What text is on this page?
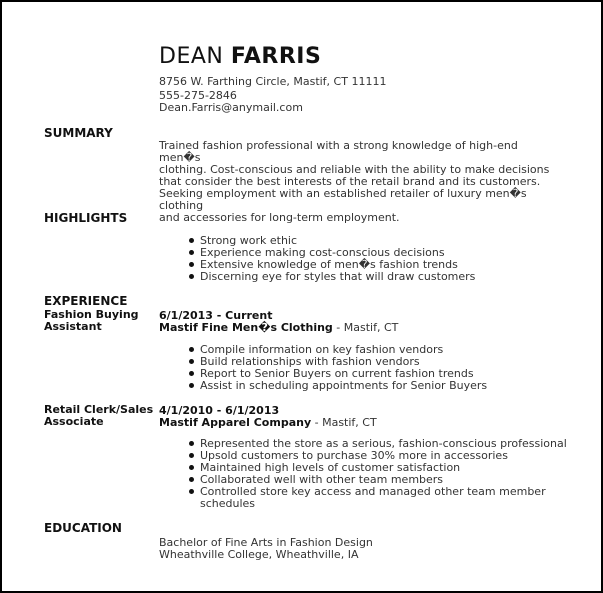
DEAN FARRIS
8756 W. Farthing Circle, Mastif, CT 11111
555-275-2846
Dean.Farris@anymail.com
SUMMARY
Trained fashion professional with a strong knowledge of high-end men�s
clothing. Cost-conscious and reliable with the ability to make decisions
that consider the best interests of the retail brand and its customers.
Seeking employment with an established retailer of luxury men�s clothing
and accessories for long-term employment.
HIGHLIGHTS
Strong work ethic
Experience making cost-conscious decisions
Extensive knowledge of men�s fashion trends
Discerning eye for styles that will draw customers
EXPERIENCE
Fashion Buying
Assistant
6/1/2013 - Current
Mastif Fine Men�s Clothing - Mastif, CT
Compile information on key fashion vendors
Build relationships with fashion vendors
Report to Senior Buyers on current fashion trends
Assist in scheduling appointments for Senior Buyers
Retail Clerk/Sales
Associate
4/1/2010 - 6/1/2013
Mastif Apparel Company - Mastif, CT
Represented the store as a serious, fashion-conscious professional
Upsold customers to purchase 30% more in accessories
Maintained high levels of customer satisfaction
Collaborated well with other team members
Controlled store key access and managed other team member
schedules
EDUCATION
Bachelor of Fine Arts in Fashion Design
Wheathville College, Wheathville, IA
